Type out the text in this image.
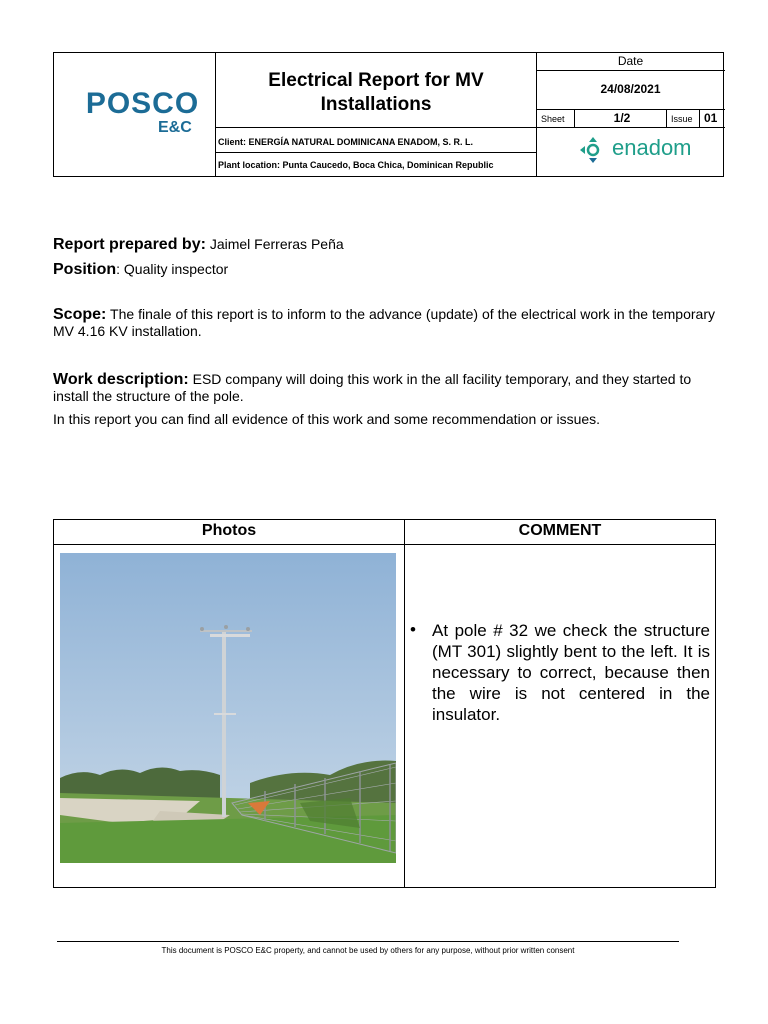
POSCO
E&C
Electrical Report for MV Installations
Date
24/08/2021
Sheet	1/2	Issue 01
Client: ENERGÍA NATURAL DOMINICANA ENADOM, S. R. L.
Plant location: Punta Caucedo, Boca Chica, Dominican Republic
enadom
Report prepared by: Jaimel Ferreras Peña
Position: Quality inspector
Scope: The finale of this report is to inform to the advance (update) of the electrical work in the temporary MV 4.16 KV installation.
Work description: ESD company will doing this work in the all facility temporary, and they started to install the structure of the pole.
In this report you can find all evidence of this work and some recommendation or issues.
Photos	COMMENT
• At pole # 32 we check the structure (MT 301) slightly bent to the left. It is necessary to correct, because then the wire is not centered in the insulator.
This document is POSCO E&C property, and cannot be used by others for any purpose, without prior written consent
